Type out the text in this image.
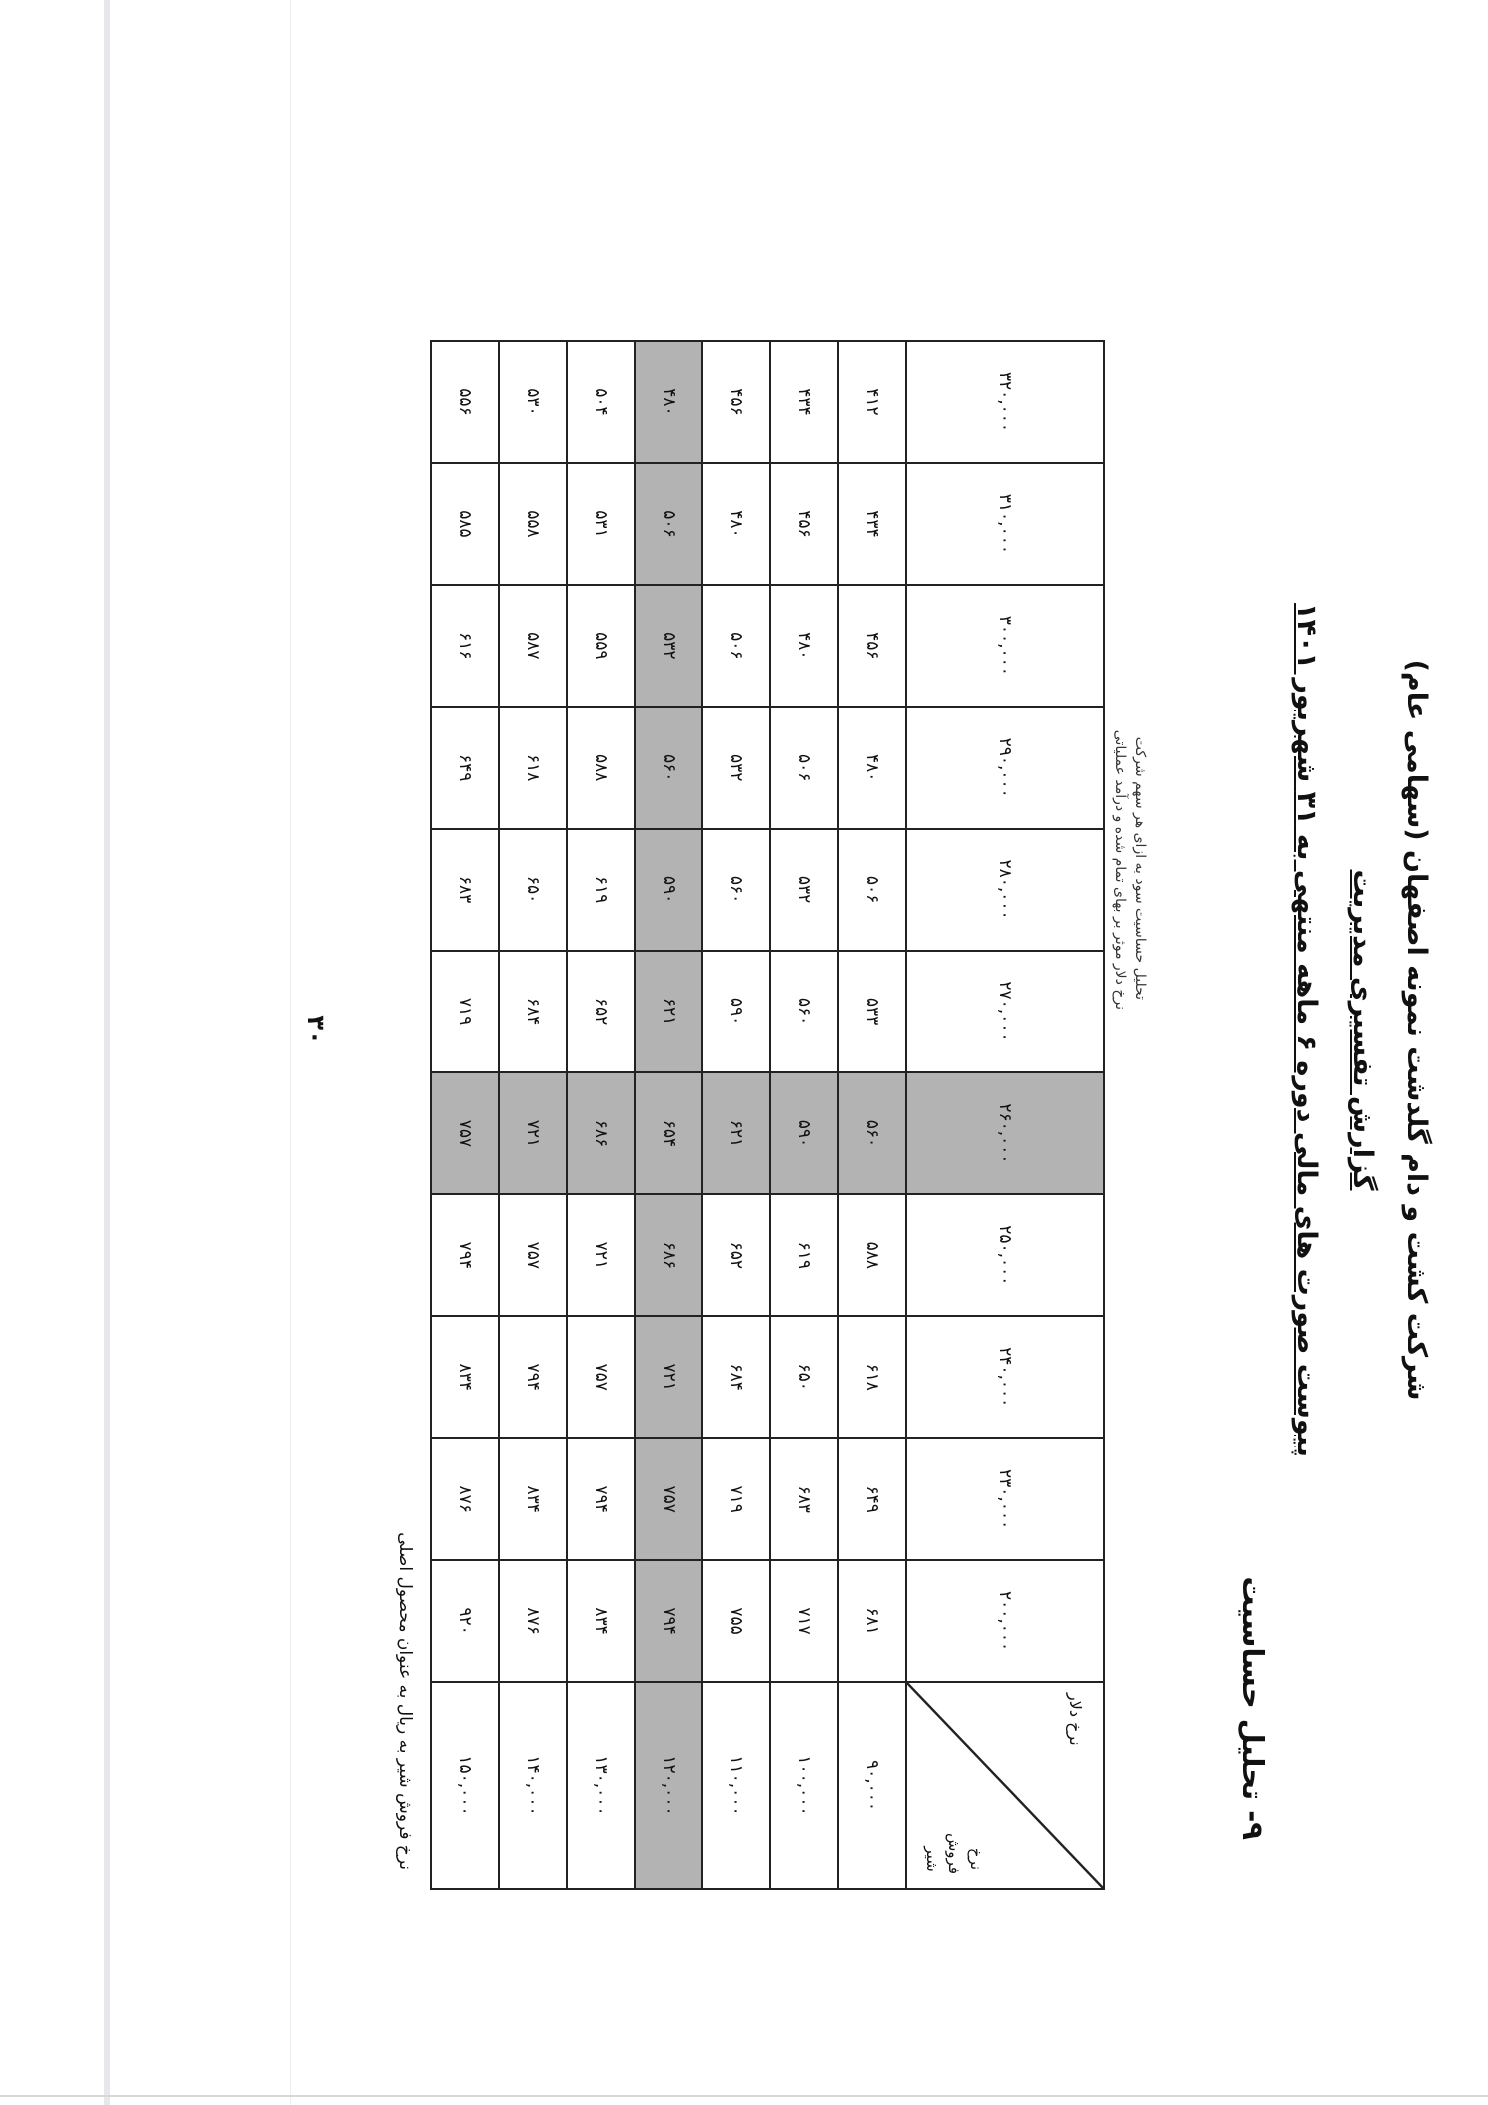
شرکت کشت و دام گلدشت نمونه اصفهان (سهامی عام)
گزارش تفسیری مدیریت
پیوست صورت های مالی دوره ۶ ماهه منتهی به ۳۱ شهریور ۱۴۰۱
۹- تحلیل حساسیت
تحلیل حساسیت سود به ازای هر سهم شرکت
نرخ دلار موثر بر بهای تمام شده و درآمد عملیاتی
نرخ دلار
نرخ فروش شیر	۲۰۰,۰۰۰	۲۳۰,۰۰۰	۲۴۰,۰۰۰	۲۵۰,۰۰۰	۲۶۰,۰۰۰	۲۷۰,۰۰۰	۲۸۰,۰۰۰	۲۹۰,۰۰۰	۳۰۰,۰۰۰	۳۱۰,۰۰۰	۳۲۰,۰۰۰
۹۰,۰۰۰	۶۸۱	۶۴۹	۶۱۸	۵۸۸	۵۶۰	۵۳۳	۵۰۶	۴۸۰	۴۵۶	۴۳۴	۴۱۲
۱۰۰,۰۰۰	۷۱۷	۶۸۳	۶۵۰	۶۱۹	۵۹۰	۵۶۰	۵۳۲	۵۰۶	۴۸۰	۴۵۶	۴۳۴
۱۱۰,۰۰۰	۷۵۵	۷۱۹	۶۸۴	۶۵۲	۶۲۱	۵۹۰	۵۶۰	۵۳۲	۵۰۶	۴۸۰	۴۵۶
۱۲۰,۰۰۰	۷۹۴	۷۵۷	۷۲۱	۶۸۶	۶۵۴	۶۲۱	۵۹۰	۵۶۰	۵۳۲	۵۰۶	۴۸۰
۱۳۰,۰۰۰	۸۳۴	۷۹۴	۷۵۷	۷۲۱	۶۸۶	۶۵۲	۶۱۹	۵۸۸	۵۵۹	۵۳۱	۵۰۴
۱۴۰,۰۰۰	۸۷۶	۸۳۴	۷۹۴	۷۵۷	۷۲۱	۶۸۴	۶۵۰	۶۱۸	۵۸۷	۵۵۸	۵۳۰
۱۵۰,۰۰۰	۹۲۰	۸۷۶	۸۳۴	۷۹۴	۷۵۷	۷۱۹	۶۸۳	۶۴۹	۶۱۶	۵۸۵	۵۵۶
نرخ فروش شیر به ریال به عنوان محصول اصلی
۳۰
